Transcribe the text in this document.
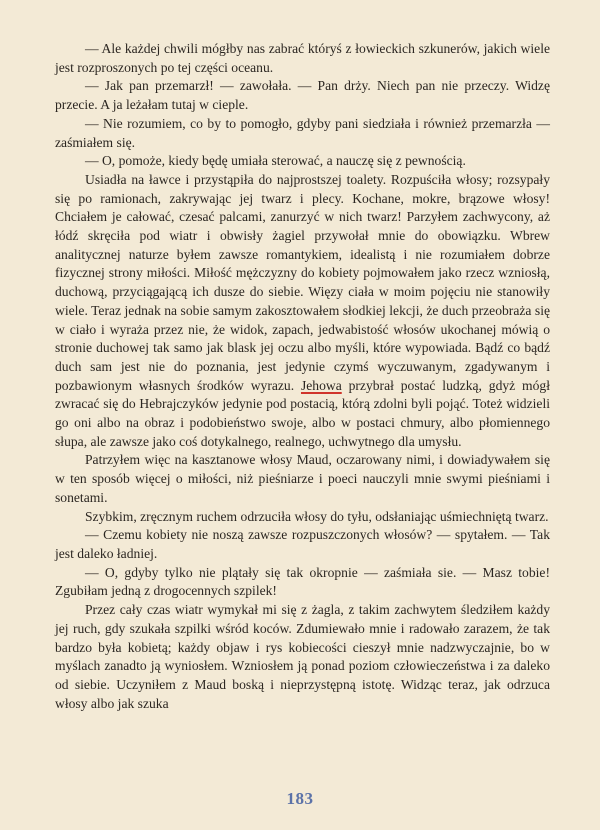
— Ale każdej chwili mógłby nas zabrać któryś z łowieckich szkunerów, jakich wiele jest rozproszonych po tej części oceanu.

— Jak pan przemarzł! — zawołała. — Pan drży. Niech pan nie przeczy. Widzę przecie. A ja leżałam tutaj w cieple.

— Nie rozumiem, co by to pomogło, gdyby pani siedziała i również przemarzła — zaśmiałem się.

— O, pomoże, kiedy będę umiała sterować, a nauczę się z pewnością.

Usiadła na ławce i przystąpiła do najprostszej toalety. Rozpuściła włosy; rozsypały się po ramionach, zakrywając jej twarz i plecy. Kochane, mokre, brązowe włosy! Chciałem je całować, czesać palcami, zanurzyć w nich twarz! Parzyłem zachwycony, aż łódź skręciła pod wiatr i obwisły żagiel przywołał mnie do obowiązku. Wbrew analitycznej naturze byłem zawsze romantykiem, idealistą i nie rozumiałem dobrze fizycznej strony miłości. Miłość mężczyzny do kobiety pojmowałem jako rzecz wzniosłą, duchową, przyciągającą ich dusze do siebie. Więzy ciała w moim pojęciu nie stanowiły wiele. Teraz jednak na sobie samym zakosztowałem słodkiej lekcji, że duch przeobraża się w ciało i wyraża przez nie, że widok, zapach, jedwabistość włosów ukochanej mówią o stronie duchowej tak samo jak blask jej oczu albo myśli, które wypowiada. Bądź co bądź duch sam jest nie do poznania, jest jedynie czymś wyczuwanym, zgadywanym i pozbawionym własnych środków wyrazu. Jehowa przybrał postać ludzką, gdyż mógł zwracać się do Hebrajczyków jedynie pod postacią, którą zdolni byli pojąć. Toteż widzieli go oni albo na obraz i podobieństwo swoje, albo w postaci chmury, albo płomiennego słupa, ale zawsze jako coś dotykalnego, realnego, uchwytnego dla umysłu.

Patrzyłem więc na kasztanowe włosy Maud, oczarowany nimi, i dowiadywałem się w ten sposób więcej o miłości, niż pieśniarze i poeci nauczyli mnie swymi pieśniami i sonetami.

Szybkim, zręcznym ruchem odrzuciła włosy do tyłu, odsłaniając uśmiechniętą twarz.

— Czemu kobiety nie noszą zawsze rozpuszczonych włosów? — spytałem. — Tak jest daleko ładniej.

— O, gdyby tylko nie plątały się tak okropnie — zaśmiała sie. — Masz tobie! Zgubiłam jedną z drogocennych szpilek!

Przez cały czas wiatr wymykał mi się z żagla, z takim zachwytem śledziłem każdy jej ruch, gdy szukała szpilki wśród koców. Zdumiewało mnie i radowało zarazem, że tak bardzo była kobietą; każdy objaw i rys kobiecości cieszył mnie nadzwyczajnie, bo w myślach zanadto ją wyniosłem. Wzniosłem ją ponad poziom człowieczeństwa i za daleko od siebie. Uczyniłem z Maud boską i nieprzystępną istotę. Widząc teraz, jak odrzuca włosy albo jak szuka

183
